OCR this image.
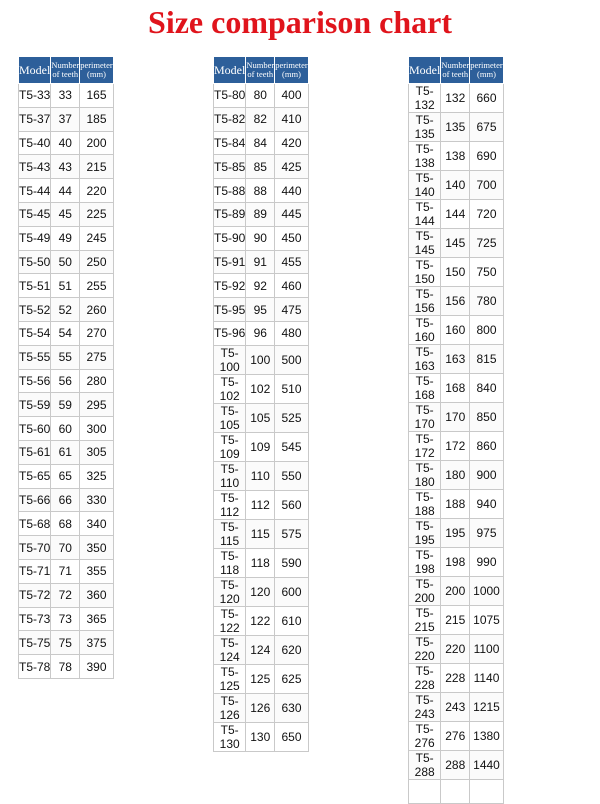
Size comparison chart
Model	Number of teeth	perimeter (mm)
T5-33	33	165
T5-37	37	185
T5-40	40	200
T5-43	43	215
T5-44	44	220
T5-45	45	225
T5-49	49	245
T5-50	50	250
T5-51	51	255
T5-52	52	260
T5-54	54	270
T5-55	55	275
T5-56	56	280
T5-59	59	295
T5-60	60	300
T5-61	61	305
T5-65	65	325
T5-66	66	330
T5-68	68	340
T5-70	70	350
T5-71	71	355
T5-72	72	360
T5-73	73	365
T5-75	75	375
T5-78	78	390
Model	Number of teeth	perimeter (mm)
T5-80	80	400
T5-82	82	410
T5-84	84	420
T5-85	85	425
T5-88	88	440
T5-89	89	445
T5-90	90	450
T5-91	91	455
T5-92	92	460
T5-95	95	475
T5-96	96	480
T5-100	100	500
T5-102	102	510
T5-105	105	525
T5-109	109	545
T5-110	110	550
T5-112	112	560
T5-115	115	575
T5-118	118	590
T5-120	120	600
T5-122	122	610
T5-124	124	620
T5-125	125	625
T5-126	126	630
T5-130	130	650
Model	Number of teeth	perimeter (mm)
T5-132	132	660
T5-135	135	675
T5-138	138	690
T5-140	140	700
T5-144	144	720
T5-145	145	725
T5-150	150	750
T5-156	156	780
T5-160	160	800
T5-163	163	815
T5-168	168	840
T5-170	170	850
T5-172	172	860
T5-180	180	900
T5-188	188	940
T5-195	195	975
T5-198	198	990
T5-200	200	1000
T5-215	215	1075
T5-220	220	1100
T5-228	228	1140
T5-243	243	1215
T5-276	276	1380
T5-288	288	1440
